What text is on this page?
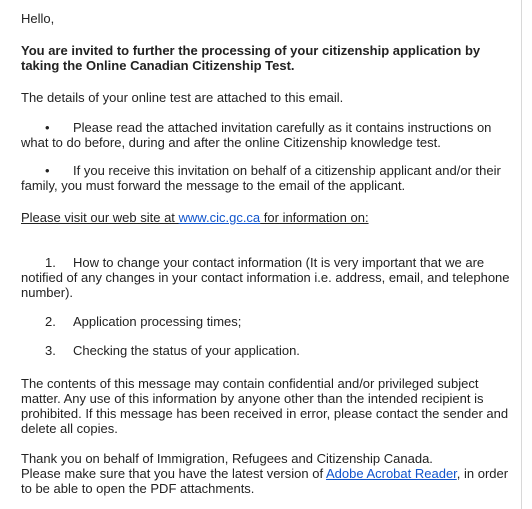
Hello,

You are invited to further the processing of your citizenship application by taking the Online Canadian Citizenship Test.

The details of your online test are attached to this email.

• Please read the attached invitation carefully as it contains instructions on
what to do before, during and after the online Citizenship knowledge test.
• If you receive this invitation on behalf of a citizenship applicant and/or their
family, you must forward the message to the email of the applicant.

Please visit our web site at www.cic.gc.ca for information on:

1.	How to change your contact information (It is very important that we are
notified of any changes in your contact information i.e. address, email, and telephone number).
2.	Application processing times;
3.	Checking the status of your application.

The contents of this message may contain confidential and/or privileged subject matter. Any use of this information by anyone other than the intended recipient is prohibited. If this message has been received in error, please contact the sender and delete all copies.

Thank you on behalf of Immigration, Refugees and Citizenship Canada.

Please make sure that you have the latest version of Adobe Acrobat Reader, in order to be able to open the PDF attachments.
